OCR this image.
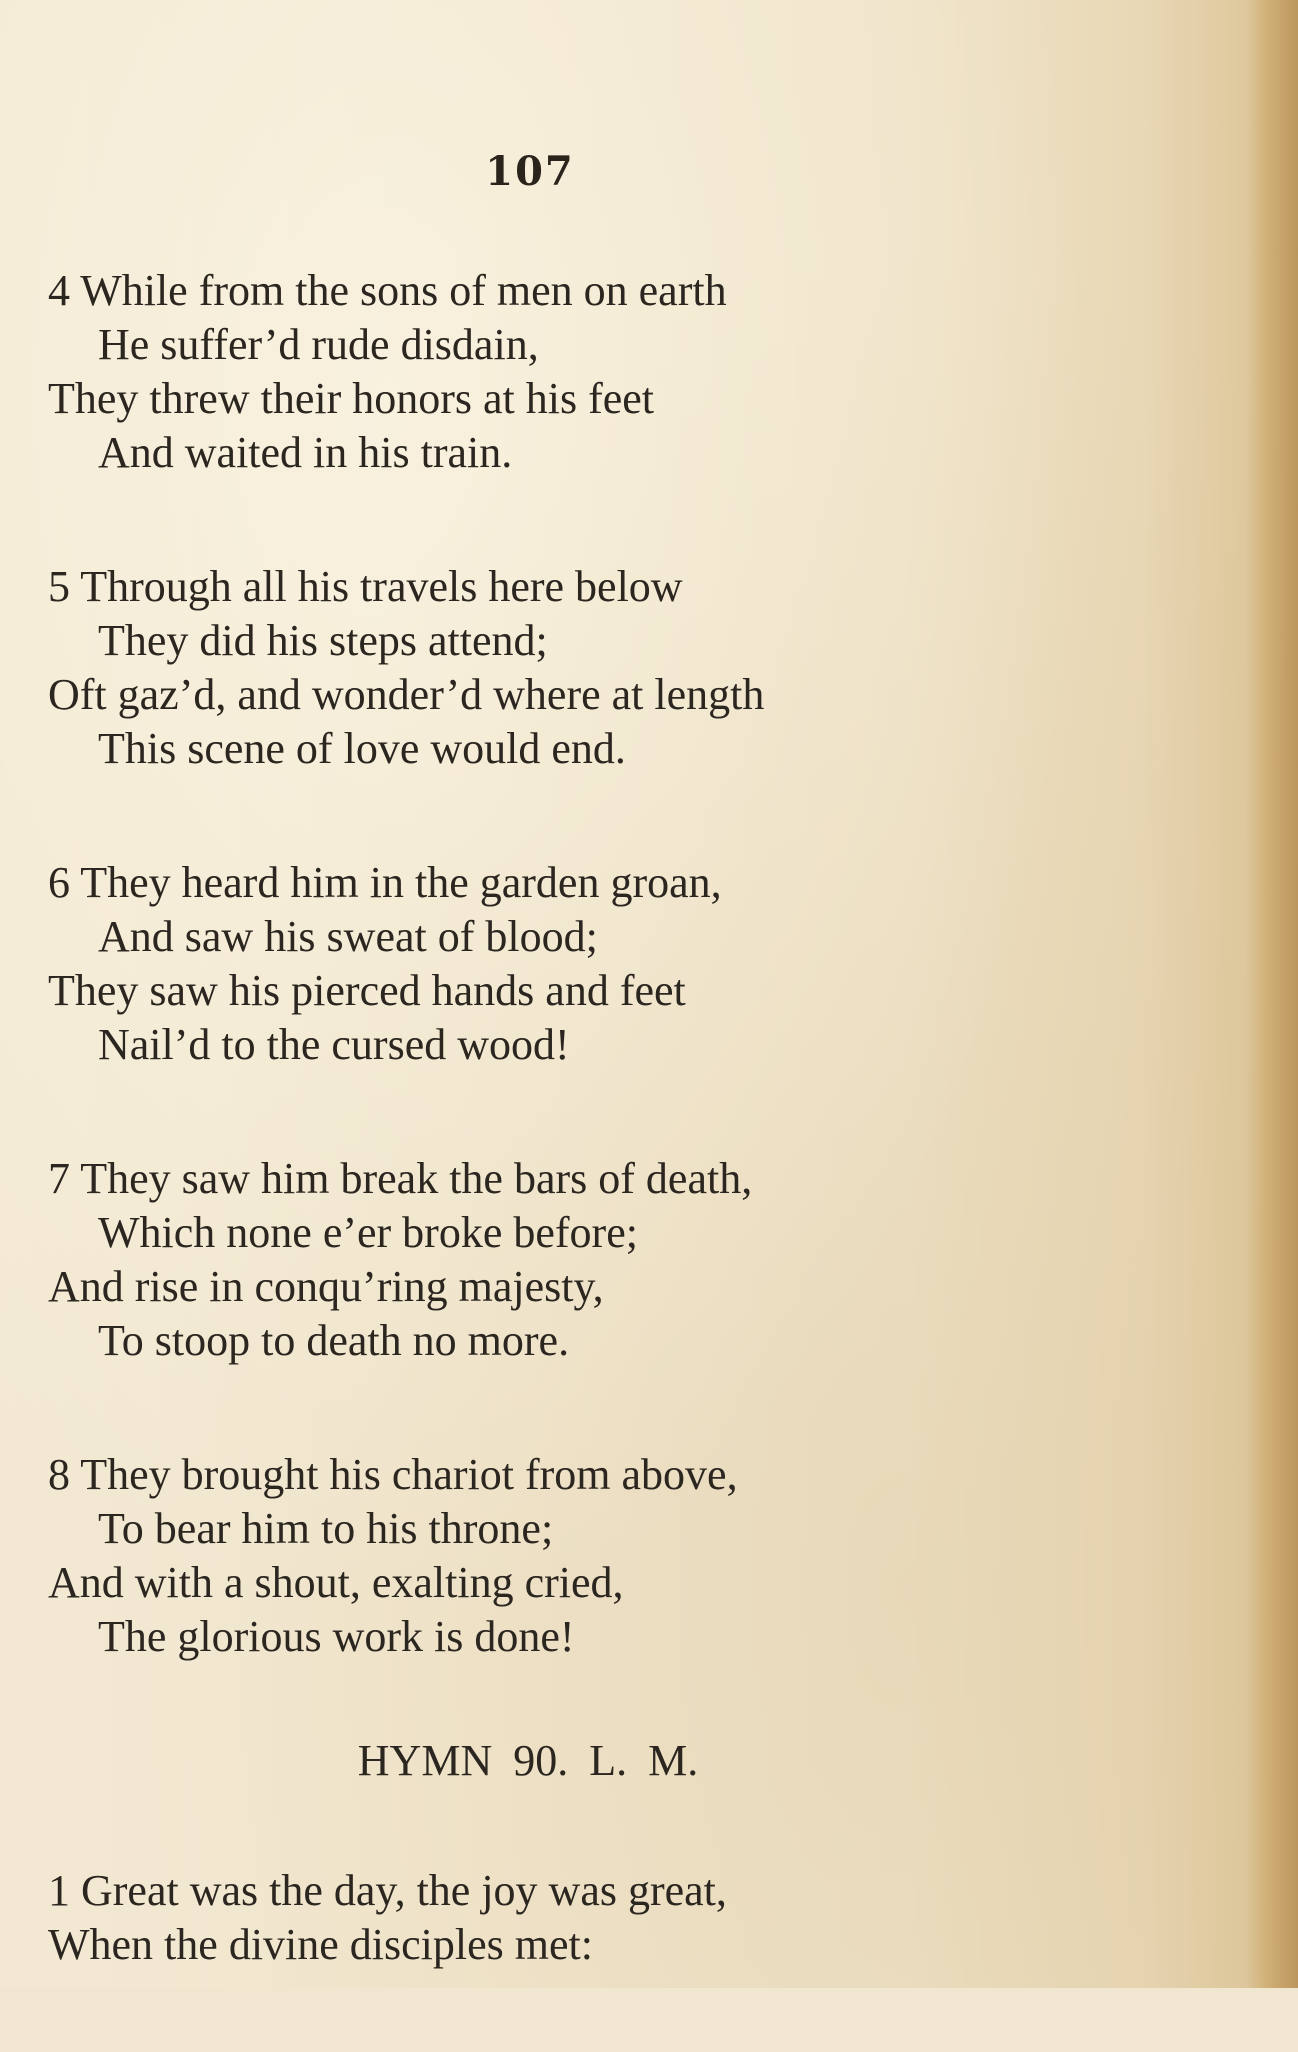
107
4 While from the sons of men on earth
He suffer’d rude disdain,
They threw their honors at his feet
And waited in his train.
5 Through all his travels here below
They did his steps attend;
Oft gaz’d, and wonder’d where at length
This scene of love would end.
6 They heard him in the garden groan,
And saw his sweat of blood;
They saw his pierced hands and feet
Nail’d to the cursed wood!
7 They saw him break the bars of death,
Which none e’er broke before;
And rise in conqu’ring majesty,
To stoop to death no more.
8 They brought his chariot from above,
To bear him to his throne;
And with a shout, exalting cried,
The glorious work is done!
HYMN 90. L. M.
1 Great was the day, the joy was great,
When the divine disciples met:
